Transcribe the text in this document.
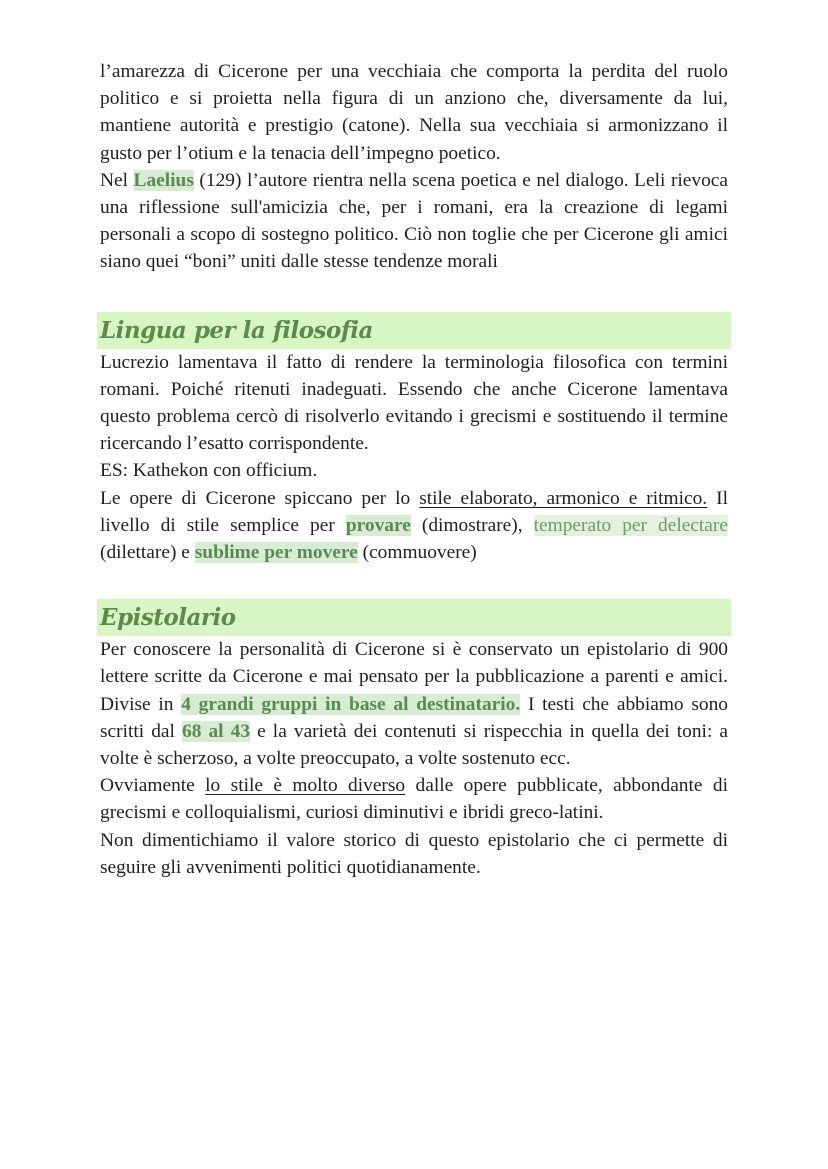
l’amarezza di Cicerone per una vecchiaia che comporta la perdita del ruolo politico e si proietta nella figura di un anziono che, diversamente da lui, mantiene autorità e prestigio (catone). Nella sua vecchiaia si armonizzano il gusto per l’otium e la tenacia dell’impegno poetico.

Nel Laelius (129) l’autore rientra nella scena poetica e nel dialogo. Leli rievoca una riflessione sull'amicizia che, per i romani, era la creazione di legami personali a scopo di sostegno politico. Ciò non toglie che per Cicerone gli amici siano quei “boni” uniti dalle stesse tendenze morali

Lingua per la filosofia

Lucrezio lamentava il fatto di rendere la terminologia filosofica con termini romani. Poiché ritenuti inadeguati. Essendo che anche Cicerone lamentava questo problema cercò di risolverlo evitando i grecismi e sostituendo il termine ricercando l’esatto corrispondente.

ES: Kathekon con officium.

Le opere di Cicerone spiccano per lo stile elaborato, armonico e ritmico. Il livello di stile semplice per provare (dimostrare), temperato per delectare (dilettare) e sublime per movere (commuovere)

Epistolario

Per conoscere la personalità di Cicerone si è conservato un epistolario di 900 lettere scritte da Cicerone e mai pensato per la pubblicazione a parenti e amici. Divise in 4 grandi gruppi in base al destinatario. I testi che abbiamo sono scritti dal 68 al 43 e la varietà dei contenuti si rispecchia in quella dei toni: a volte è scherzoso, a volte preoccupato, a volte sostenuto ecc.

Ovviamente lo stile è molto diverso dalle opere pubblicate, abbondante di grecismi e colloquialismi, curiosi diminutivi e ibridi greco-latini.

Non dimentichiamo il valore storico di questo epistolario che ci permette di seguire gli avvenimenti politici quotidianamente.
